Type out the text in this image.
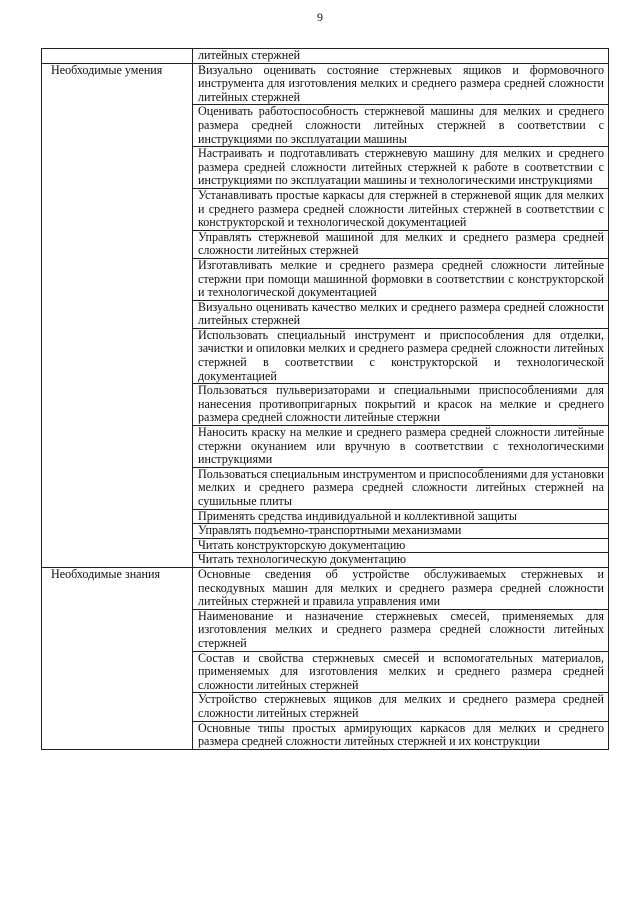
9
	литейных стержней
Необходимые умения	Визуально оценивать состояние стержневых ящиков и формовочного инструмента для изготовления мелких и среднего размера средней сложности литейных стержней
	Оценивать работоспособность стержневой машины для мелких и среднего размера средней сложности литейных стержней в соответствии с инструкциями по эксплуатации машины
	Настраивать и подготавливать стержневую машину для мелких и среднего размера средней сложности литейных стержней к работе в соответствии с инструкциями по эксплуатации машины и технологическими инструкциями
	Устанавливать простые каркасы для стержней в стержневой ящик для мелких и среднего размера средней сложности литейных стержней в соответствии с конструкторской и технологической документацией
	Управлять стержневой машиной для мелких и среднего размера средней сложности литейных стержней
	Изготавливать мелкие и среднего размера средней сложности литейные стержни при помощи машинной формовки в соответствии с конструкторской и технологической документацией
	Визуально оценивать качество мелких и среднего размера средней сложности литейных стержней
	Использовать специальный инструмент и приспособления для отделки, зачистки и опиловки мелких и среднего размера средней сложности литейных стержней в соответствии с конструкторской и технологической документацией
	Пользоваться пульверизаторами и специальными приспособлениями для нанесения противопригарных покрытий и красок на мелкие и среднего размера средней сложности литейные стержни
	Наносить краску на мелкие и среднего размера средней сложности литейные стержни окунанием или вручную в соответствии с технологическими инструкциями
	Пользоваться специальным инструментом и приспособлениями для установки мелких и среднего размера средней сложности литейных стержней на сушильные плиты
	Применять средства индивидуальной и коллективной защиты
	Управлять подъемно-транспортными механизмами
	Читать конструкторскую документацию
	Читать технологическую документацию
Необходимые знания	Основные сведения об устройстве обслуживаемых стержневых и пескодувных машин для мелких и среднего размера средней сложности литейных стержней и правила управления ими
	Наименование и назначение стержневых смесей, применяемых для изготовления мелких и среднего размера средней сложности литейных стержней
	Состав и свойства стержневых смесей и вспомогательных материалов, применяемых для изготовления мелких и среднего размера средней сложности литейных стержней
	Устройство стержневых ящиков для мелких и среднего размера средней сложности литейных стержней
	Основные типы простых армирующих каркасов для мелких и среднего размера средней сложности литейных стержней и их конструкции
